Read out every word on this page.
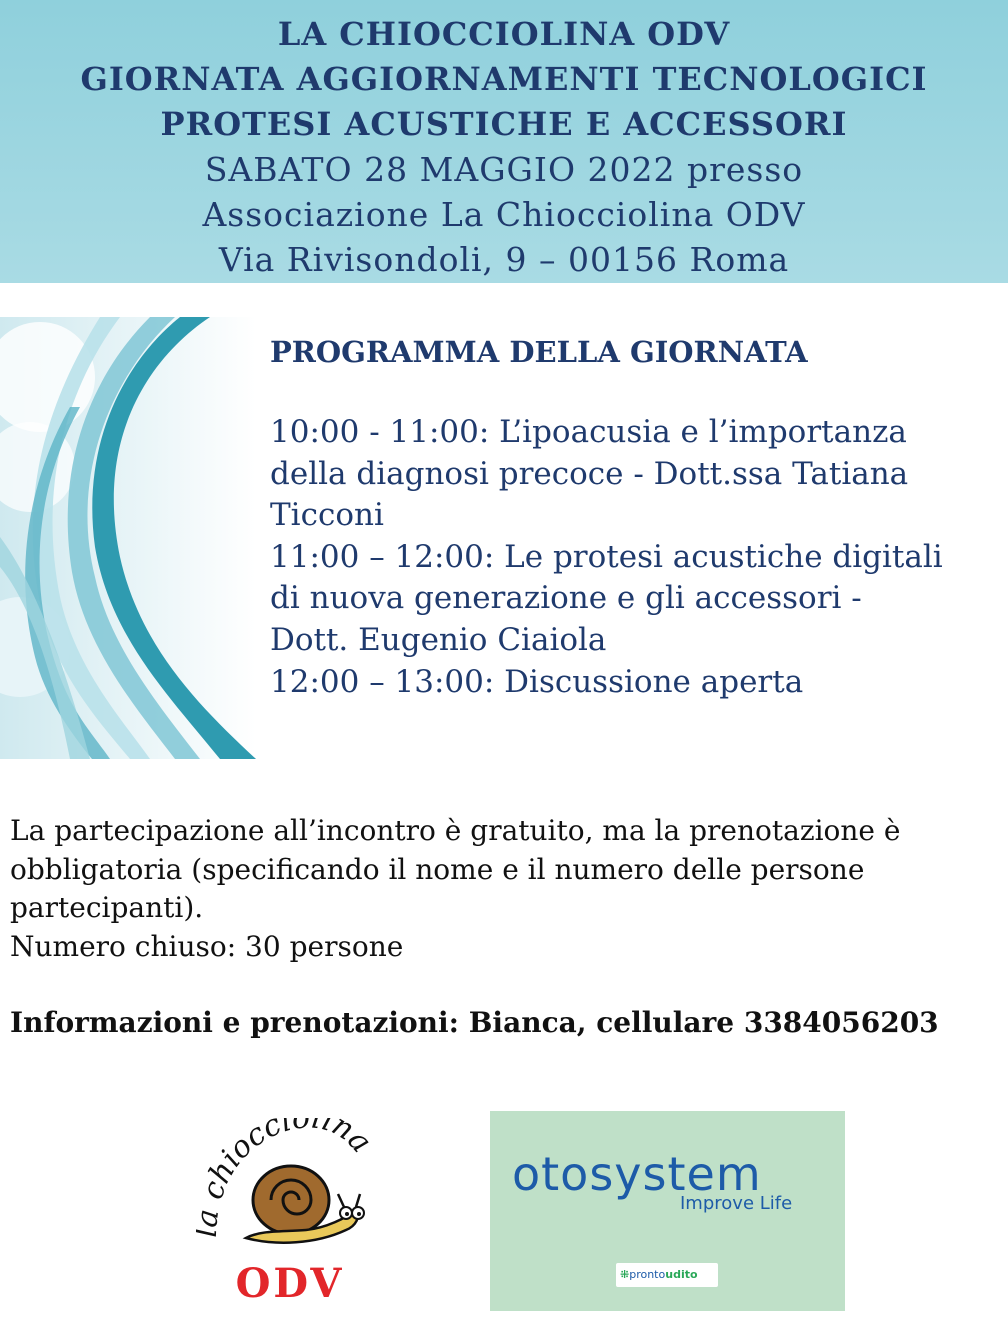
LA CHIOCCIOLINA ODV
GIORNATA AGGIORNAMENTI TECNOLOGICI
PROTESI ACUSTICHE E ACCESSORI
SABATO 28 MAGGIO 2022 presso
Associazione La Chiocciolina ODV
Via Rivisondoli, 9 – 00156 Roma
PROGRAMMA DELLA GIORNATA
10:00 - 11:00: L’ipoacusia e l’importanza
della diagnosi precoce - Dott.ssa Tatiana
Ticconi
11:00 – 12:00: Le protesi acustiche digitali
di nuova generazione e gli accessori -
Dott. Eugenio Ciaiola
12:00 – 13:00: Discussione aperta
La partecipazione all’incontro è gratuito, ma la prenotazione è
obbligatoria (specificando il nome e il numero delle persone
partecipanti).
Numero chiuso: 30 persone
Informazioni e prenotazioni: Bianca, cellulare 3384056203
chiocciolina
ODV
otosystem
Improve Life
⁜prontoudito
